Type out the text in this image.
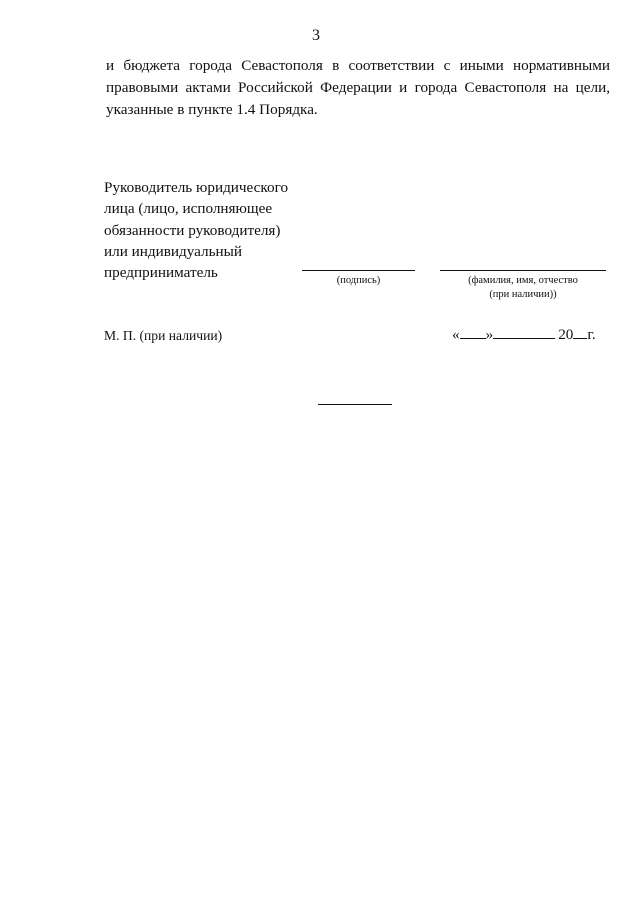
3
и бюджета города Севастополя в соответствии с иными нормативными
правовыми актами Российской Федерации и города Севастополя на цели,
указанные в пункте 1.4 Порядка.
Руководитель юридического
лица (лицо, исполняющее
обязанности руководителя)
или индивидуальный
предприниматель	(подпись)	(фамилия, имя, отчество
(при наличии))
М. П. (при наличии)	« »	20 г.
